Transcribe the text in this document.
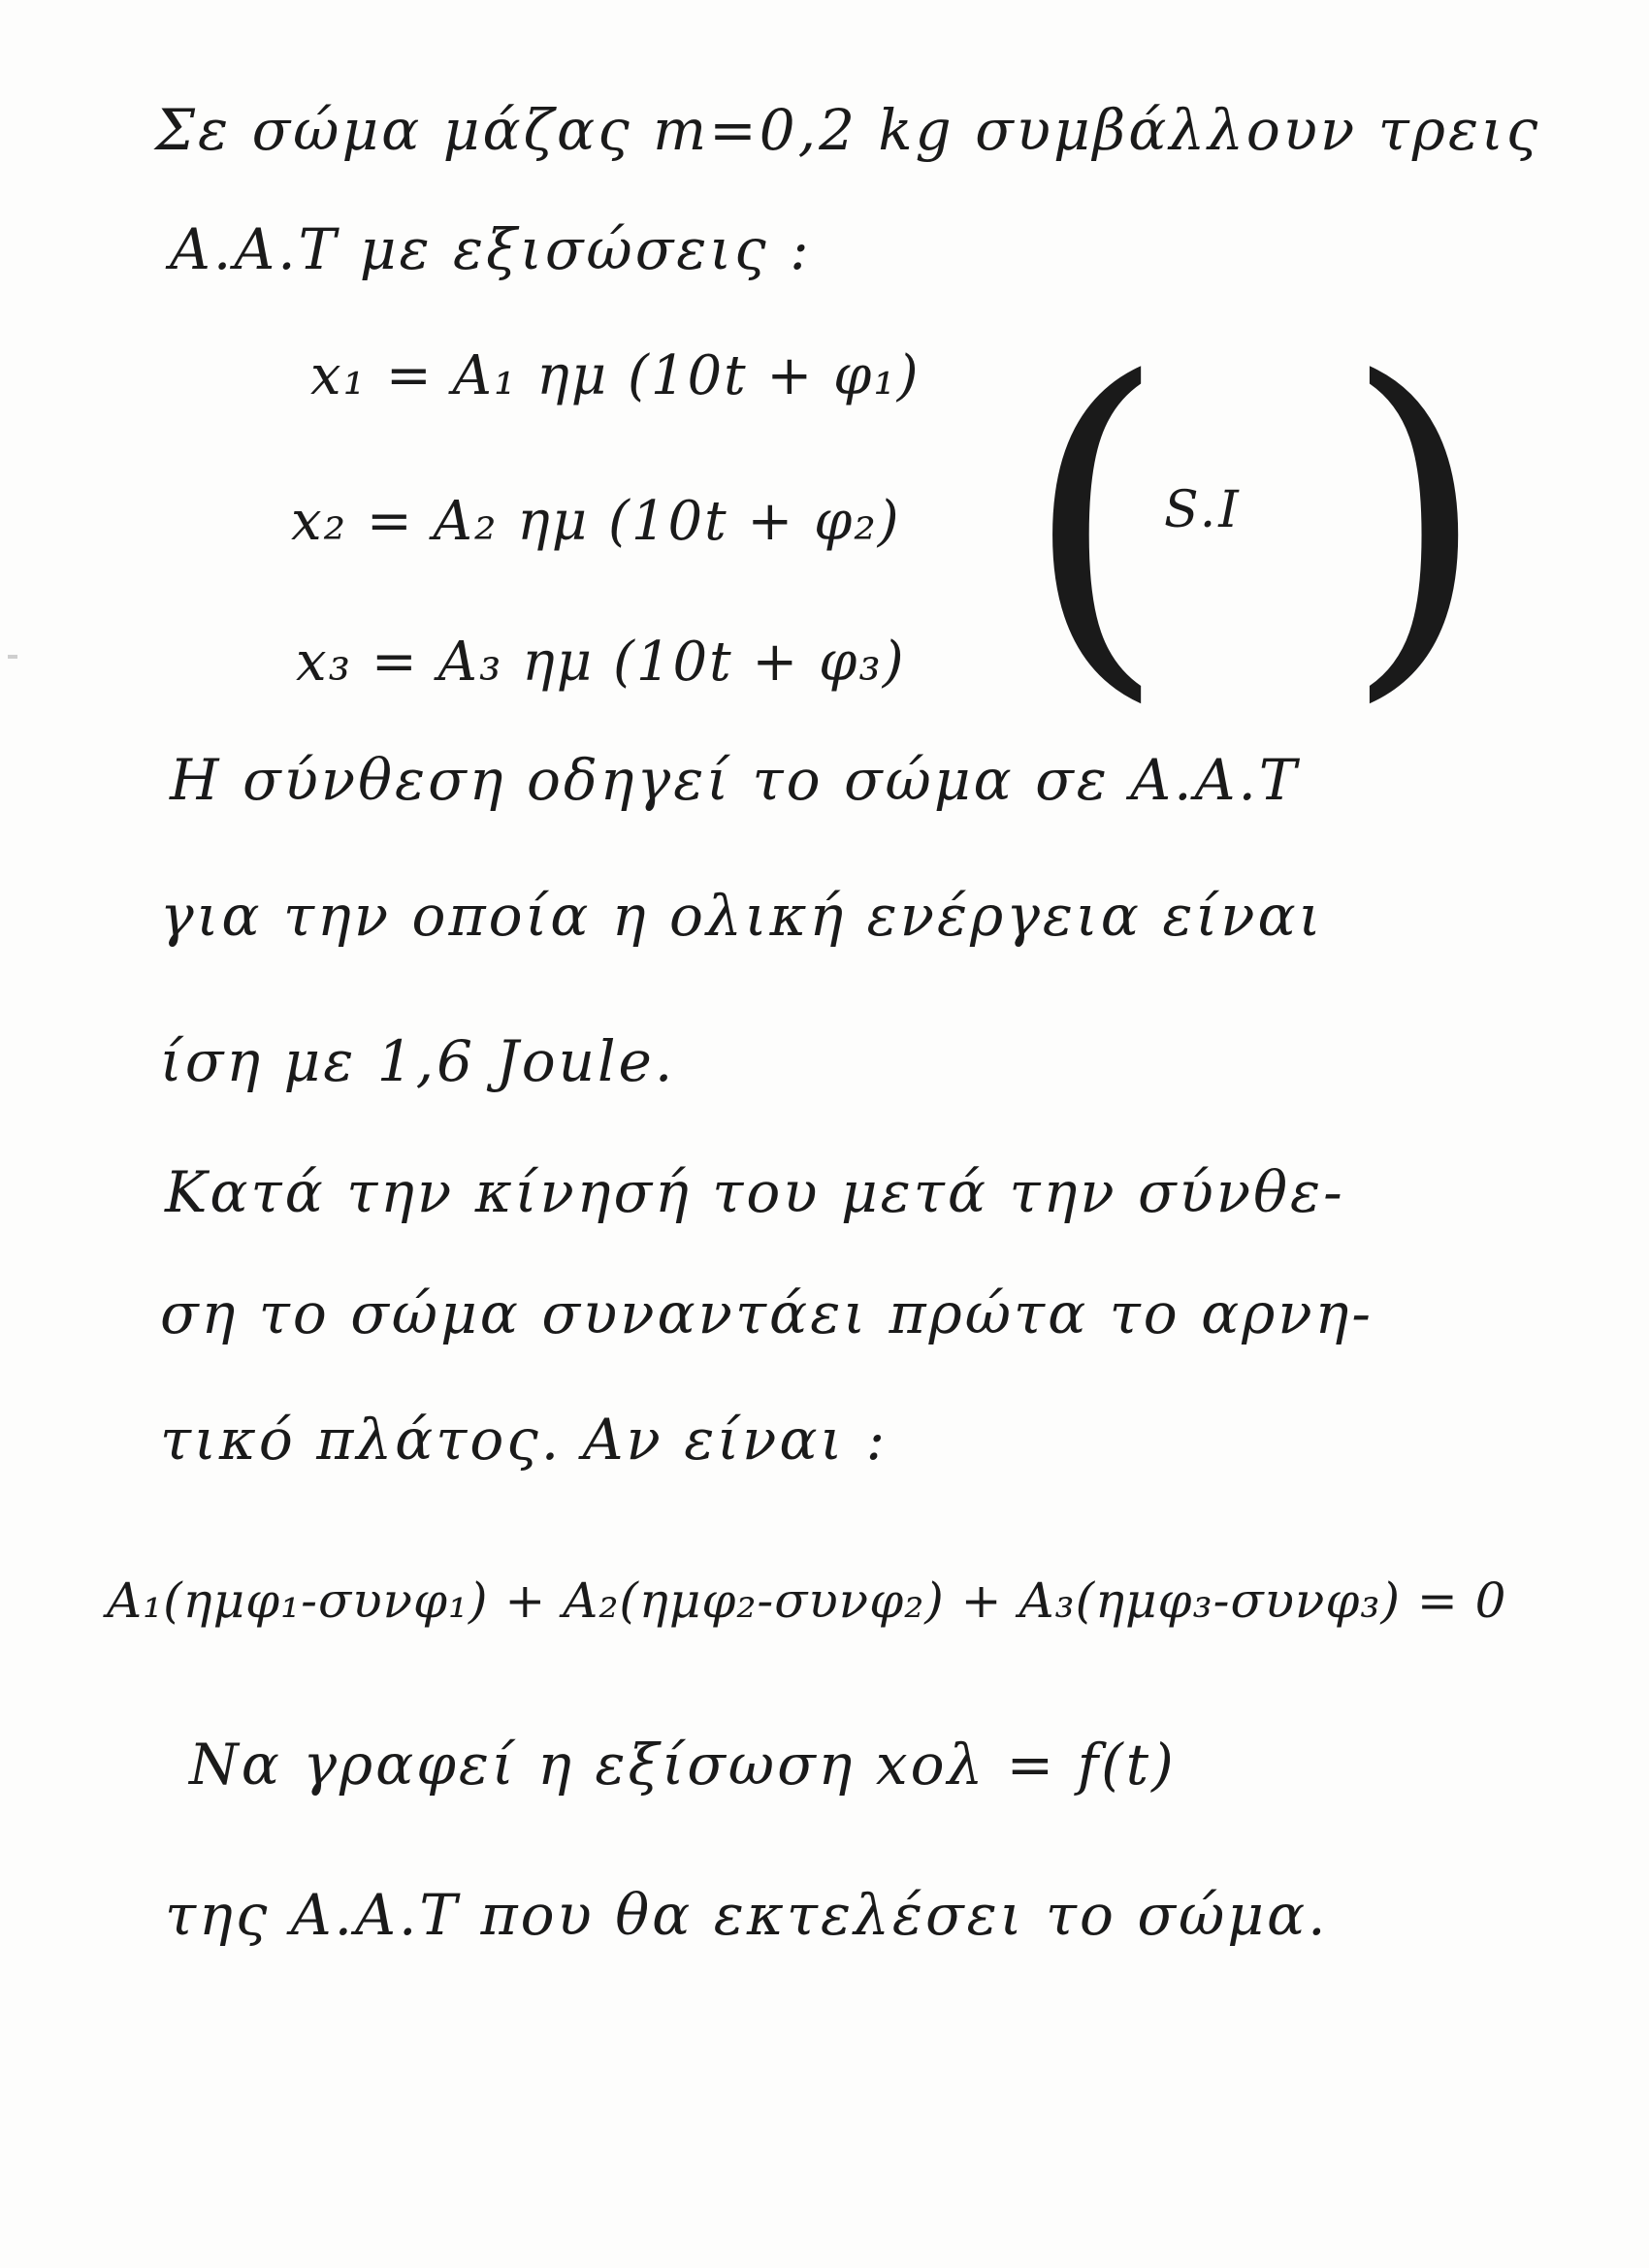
Σε σώμα μάζας m=0,2 kg συμβάλλουν τρεις
Α.Α.Τ με εξισώσεις :
x₁ = A₁ ημ (10t + φ₁)
x₂ = A₂ ημ (10t + φ₂)
x₃ = A₃ ημ (10t + φ₃) (
S.I )
Η σύνθεση οδηγεί το σώμα σε Α.Α.Τ
για την οποία η ολική ενέργεια είναι
ίση με 1,6 Joule.
Κατά την κίνησή του μετά την σύνθε-
ση το σώμα συναντάει πρώτα το αρνη-
τικό πλάτος. Αν είναι :
A₁(ημφ₁-συνφ₁) + A₂(ημφ₂-συνφ₂) + A₃(ημφ₃-συνφ₃) = 0
Να γραφεί η εξίσωση xολ = f(t)
της Α.Α.Τ που θα εκτελέσει το σώμα.
